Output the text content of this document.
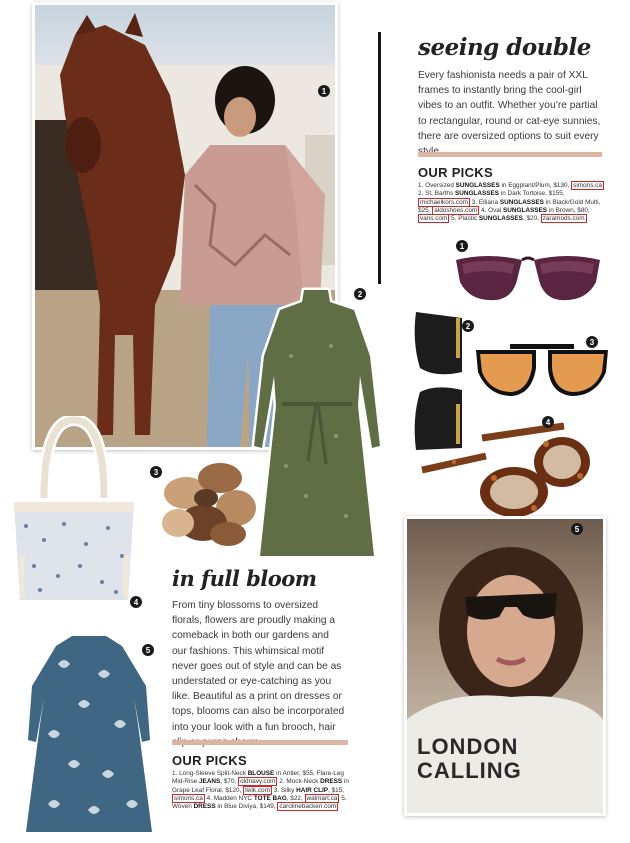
1
2
3
4
5
in full bloom
From tiny blossoms to oversized florals, flowers are proudly making a comeback in both our gardens and our fashions. This whimsical motif never goes out of style and can be as understated or eye-catching as you like. Beautiful as a print on dresses or tops, blooms can also be incorporated into your look with a fun brooch, hair
OUR PICKS
1. Long-Sleeve Split-Neck BLOUSE in Antler, $55, Flare-Leg Mid-Rise JEANS, $70, oldnavy.com 2. Mock-Neck DRESS in Grape Leaf Floral, $120, twik.com 3. Silky HAIR CLIP, $15, simons.ca 4. Madden NYC TOTE BAG, $22, walmart.ca 5. Woven DRESS in Blue Diviya, $149, carolinebacken.com
seeing double
Every fashionista needs a pair of XXL frames to instantly bring the cool-girl vibes to an outfit. Whether you’re partial to rectangular, round or cat-eye sunnies, there are oversized options to suit every
OUR PICKS
1. Oversized SUNGLASSES in Eggplant/Plum, $130, simons.ca 2. St. Barths SUNGLASSES in Dark Tortoise, $155, michaelkors.com 3. Elliana SUNGLASSES in Black/Gold Multi, $25, aldoshoes.com 4. Oval SUNGLASSES in Brown, $80, vans.com 5. Plastic SUNGLASSES, $20, zaramods.com
1
2
3
4
LONDON CALLING
5
